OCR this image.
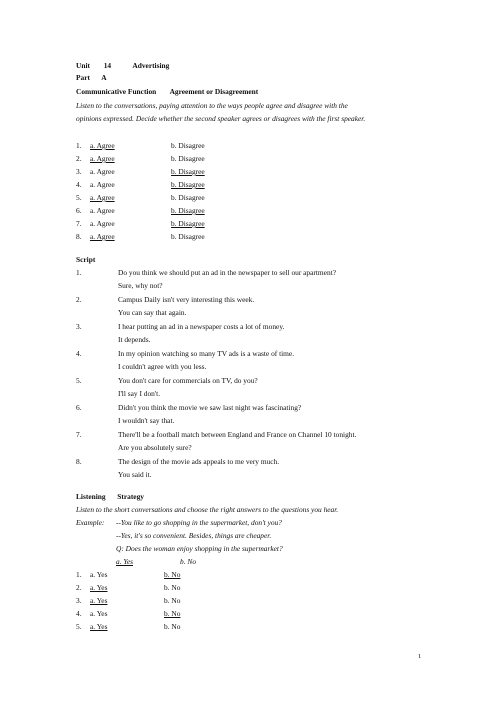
Unit 14	Advertising
Part A
Communicative Function Agreement or Disagreement
Listen to the conversations, paying attention to the ways people agree and disagree with the
opinions expressed. Decide whether the second speaker agrees or disagrees with the first speaker.
1. a. Agree	b. Disagree
2. a. Agree	b. Disagree
3. a. Agree	b. Disagree
4. a. Agree	b. Disagree
5. a. Agree	b. Disagree
6. a. Agree	b. Disagree
7. a. Agree	b. Disagree
8. a. Agree	b. Disagree
Script
1.	Do you think we should put an ad in the newspaper to sell our apartment?
Sure, why not?
2.	Campus Daily isn't very interesting this week.
You can say that again.
3.	I hear putting an ad in a newspaper costs a lot of money.
It depends.
4.	In my opinion watching so many TV ads is a waste of time.
I couldn't agree with you less.
5.	You don't care for commercials on TV, do you?
I'll say I don't.
6.	Didn't you think the movie we saw last night was fascinating?
I wouldn't say that.
7.	There'll be a football match between England and France on Channel 10 tonight.
Are you absolutely sure?
8.	The design of the movie ads appeals to me very much.
You said it.
Listening Strategy
Listen to the short conversations and choose the right answers to the questions you hear.
Example: --You like to go shopping in the supermarket, don't you?
--Yes, it's so convenient. Besides, things are cheaper.
Q: Does the woman enjoy shopping in the supermarket?
a. Yes	b. No
1. a. Yes	b. No
2. a. Yes	b. No
3. a. Yes	b. No
4. a. Yes	b. No
5. a. Yes	b. No
1
